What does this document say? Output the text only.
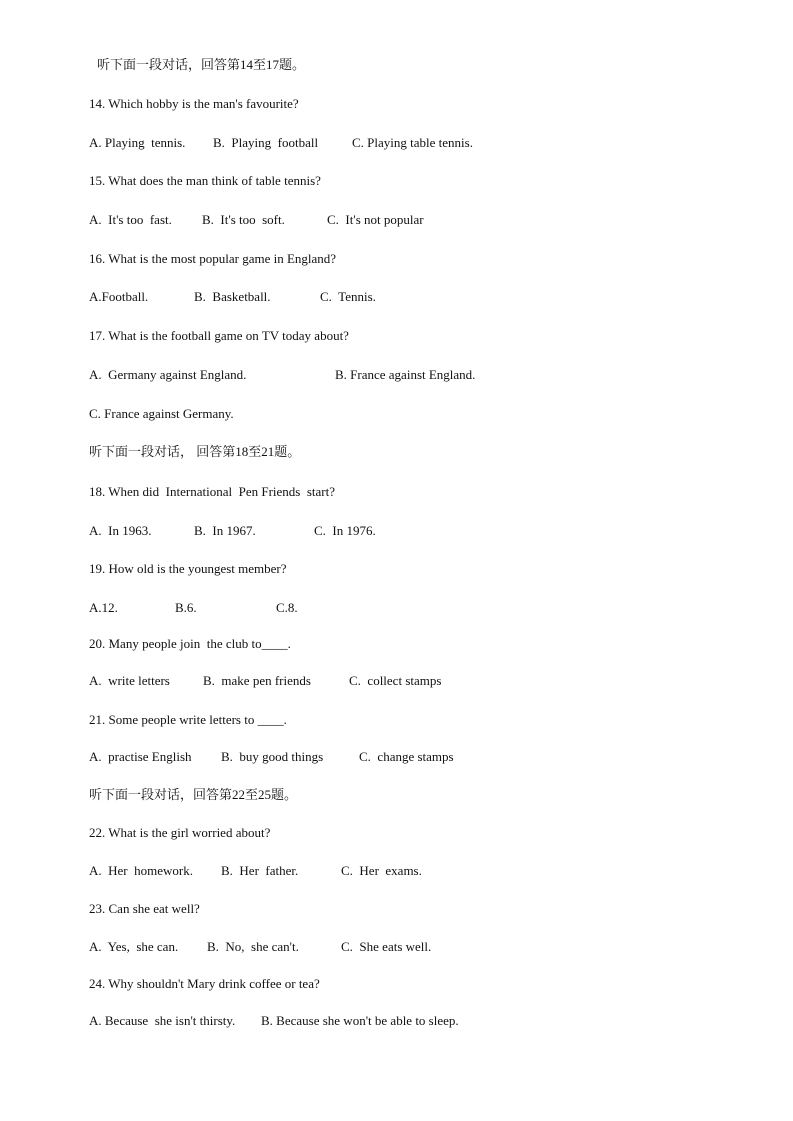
听下面一段对话，回答第14至17题。
14. Which hobby is the man's favourite?
A. Playing  tennis. B.  Playing  football	C. Playing table tennis.
15. What does the man think of table tennis?
A.  It's too  fast. B.  It's too  soft.	C.  It's not popular
16. What is the most popular game in England?
A.Football.	B.  Basketball.	C.  Tennis.
17. What is the football game on TV today about?
A.  Germany against England.	B. France against England.
C. France against Germany.
听下面一段对话， 回答第18至21题。
18. When did  International  Pen Friends  start?
A.  In 1963.	B.  In 1967.	C.  In 1976.
19. How old is the youngest member?
A.12.	B.6.	C.8.
20. Many people join  the club to____.
A.  write letters	B.  make pen friends	C.  collect stamps
21. Some people write letters to ____.
A.  practise English B.  buy good things	C.  change stamps
听下面一段对话，回答第22至25题。
22. What is the girl worried about?
A.  Her  homework. B.  Her  father.	C.  Her  exams.
23. Can she eat well?
A.  Yes,  she can. B.  No,  she can't.	C.  She eats well.
24. Why shouldn't Mary drink coffee or tea?
A. Because  she isn't thirsty. B. Because she won't be able to sleep.
